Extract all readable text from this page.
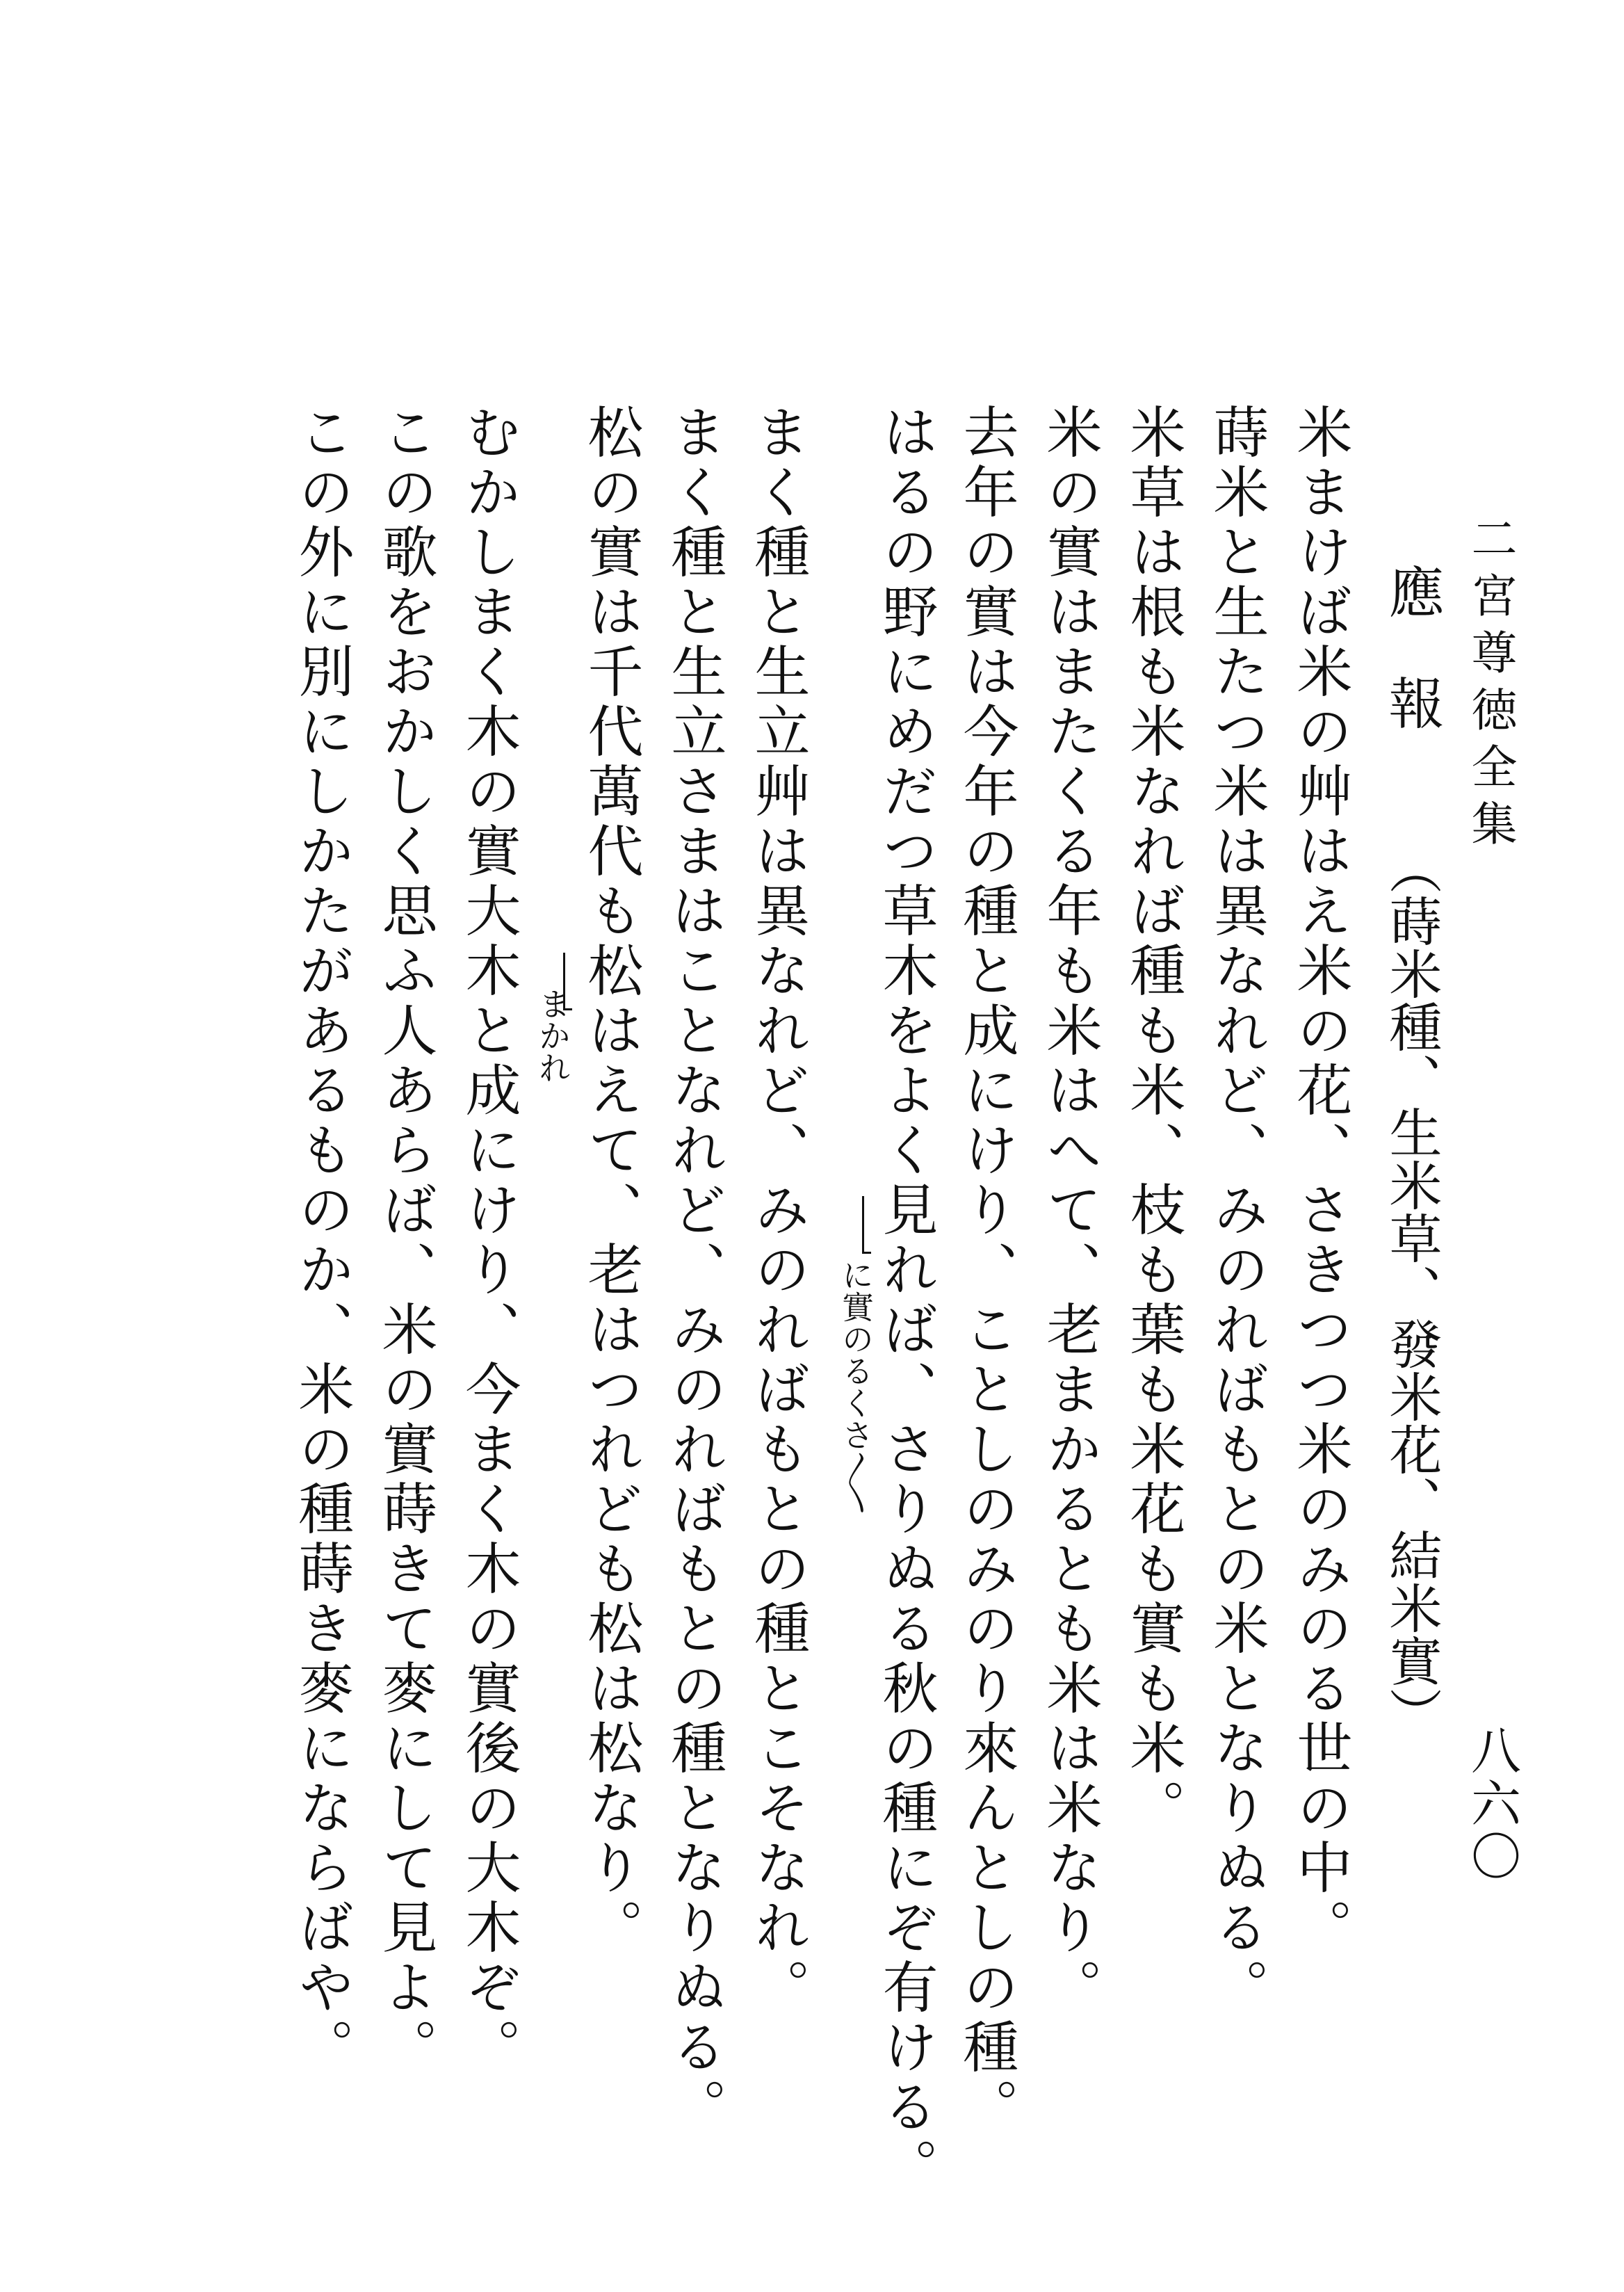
二宮尊徳全集
八六〇
應　報（蒔米種、生米草、發米花、結米實）
米まけば米の艸はえ米の花、さきつつ米のみのる世の中。
蒔米と生たつ米は異なれど、みのればもとの米となりぬる。
米草は根も米なれば種も米、枝も葉も米花も實も米。
米の實はまたくる年も米はへて、老まかるとも米は米なり。
去年の實は今年の種と成にけり、ことしのみのり來んとしの種。
はるの野にめだつ草木をよく見れば、さりぬる秋の種にぞ有ける。
に實のるくさ〳〵
まく種と生立艸は異なれど、みのればもとの種とこそなれ。
まく種と生立さまはことなれど、みのればもとの種となりぬる。
松の實は千代萬代も松はえて、老はつれども松は松なり。
まかれ
むかしまく木の實大木と成にけり、今まく木の實後の大木ぞ。
この歌をおかしく思ふ人あらば、米の實蒔きて麥にして見よ。
この外に別にしかたがあるものか、米の種蒔き麥にならばや。
